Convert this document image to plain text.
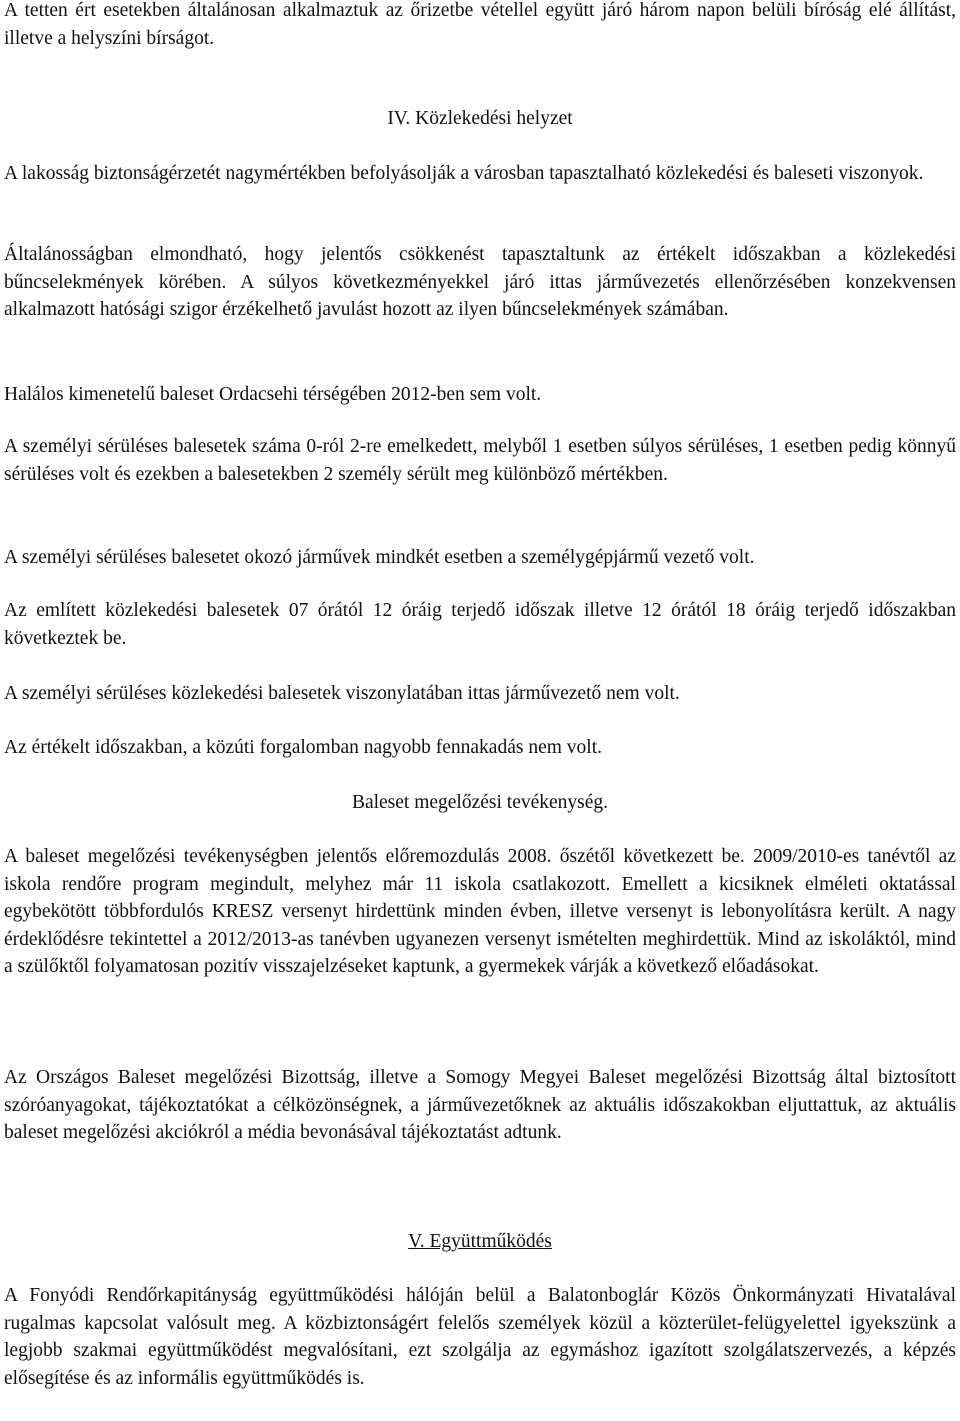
A tetten ért esetekben általánosan alkalmaztuk az őrizetbe vétellel együtt járó három napon belüli bíróság elé állítást, illetve a helyszíni bírságot.

IV. Közlekedési helyzet

A lakosság biztonságérzetét nagymértékben befolyásolják a városban tapasztalható közlekedési és baleseti viszonyok.

Általánosságban elmondható, hogy jelentős csökkenést tapasztaltunk az értékelt időszakban a közlekedési bűncselekmények körében. A súlyos következményekkel járó ittas járművezetés ellenőrzésében konzekvensen alkalmazott hatósági szigor érzékelhető javulást hozott az ilyen bűncselekmények számában.

Halálos kimenetelű baleset Ordacsehi térségében 2012-ben sem volt.

A személyi sérüléses balesetek száma 0-ról 2-re emelkedett, melyből 1 esetben súlyos sérüléses, 1 esetben pedig könnyű sérüléses volt és ezekben a balesetekben 2 személy sérült meg különböző mértékben.

A személyi sérüléses balesetet okozó járművek mindkét esetben a személygépjármű vezető volt.

Az említett közlekedési balesetek 07 órától 12 óráig terjedő időszak illetve 12 órától 18 óráig terjedő időszakban következtek be.

A személyi sérüléses közlekedési balesetek viszonylatában ittas járművezető nem volt.

Az értékelt időszakban, a közúti forgalomban nagyobb fennakadás nem volt.

Baleset megelőzési tevékenység.

A baleset megelőzési tevékenységben jelentős előremozdulás 2008. őszétől következett be. 2009/2010-es tanévtől az iskola rendőre program megindult, melyhez már 11 iskola csatlakozott. Emellett a kicsiknek elméleti oktatással egybekötött többfordulós KRESZ versenyt hirdettünk minden évben, illetve versenyt is lebonyolításra került. A nagy érdeklődésre tekintettel a 2012/2013-as tanévben ugyanezen versenyt ismételten meghirdettük. Mind az iskoláktól, mind a szülőktől folyamatosan pozitív visszajelzéseket kaptunk, a gyermekek várják a következő előadásokat.

Az Országos Baleset megelőzési Bizottság, illetve a Somogy Megyei Baleset megelőzési Bizottság által biztosított szóróanyagokat, tájékoztatókat a célközönségnek, a járművezetőknek az aktuális időszakokban eljuttattuk, az aktuális baleset megelőzési akciókról a média bevonásával tájékoztatást adtunk.

V. Együttműködés

A Fonyódi Rendőrkapitányság együttműködési hálóján belül a Balatonboglár Közös Önkormányzati Hivatalával rugalmas kapcsolat valósult meg. A közbiztonságért felelős személyek közül a közterület-felügyelettel igyekszünk a legjobb szakmai együttműködést megvalósítani, ezt szolgálja az egymáshoz igazított szolgálatszervezés, a képzés elősegítése és az informális együttműködés is.
